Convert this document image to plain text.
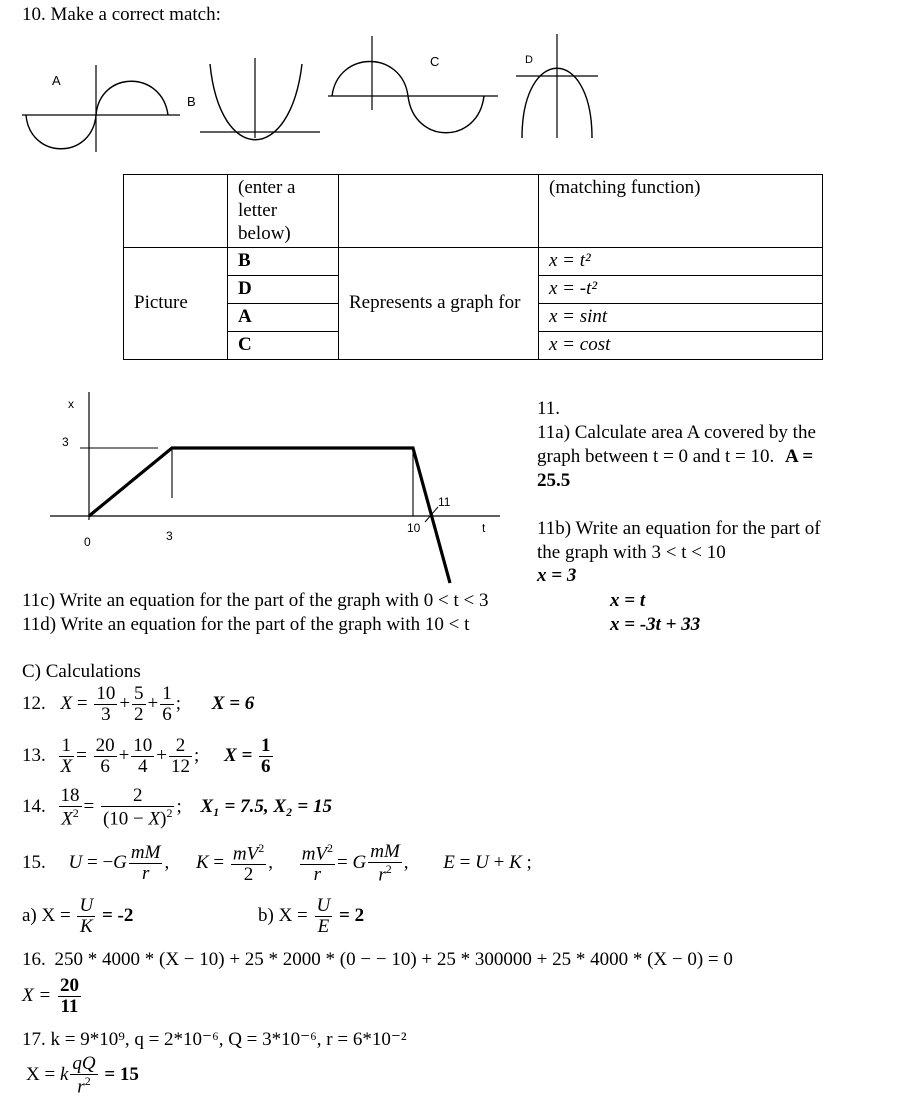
10. Make a correct match:
A
B
C	D
	(enter a letter below)		(matching function)
Picture	B	Represents a graph for	x = t²
	D		x = -t²
	A		x = sint
	C		x = cost
x
3
0	3
10
11
t
11.
11a) Calculate area A covered by the graph between t = 0 and t = 10. A = 25.5
11b) Write an equation for the part of the graph with 3 < t < 10
x = 3
11c) Write an equation for the part of the graph with 0 < t < 3	x = t
11d) Write an equation for the part of the graph with 10 < t	x = -3t + 33
C) Calculations
12. $X = \frac{10}{3} + \frac{5}{2} + \frac{1}{6}$ ; X = 6
13. $\frac{1}{X} = \frac{20}{6} + \frac{10}{4} + \frac{2}{12}$ ; $X = \frac{1}{6}$
14. $\frac{18}{X^2} = \frac{2}{(10 - X)^2}$ ; X₁ = 7.5, X₂ = 15
15. $U = -G \frac{mM}{r}$ , $K = \frac{mV^2}{2}$ , $\frac{mV^2}{r} = G \frac{mM}{r^2}$ , E = U + K ;
a) $X = \frac{U}{K} = -2$	b) $X = \frac{U}{E} = 2$
16. 250 * 4000 * (X − 10) + 25 * 2000 * (0 − − 10) + 25 * 300000 + 25 * 4000 * (X − 0) = 0
$X = \frac{20}{11}$
17. k = 9*10⁹, q = 2*10⁻⁶, Q = 3*10⁻⁶, r = 6*10⁻²
X = k $\frac{qQ}{r^2} = 15$
